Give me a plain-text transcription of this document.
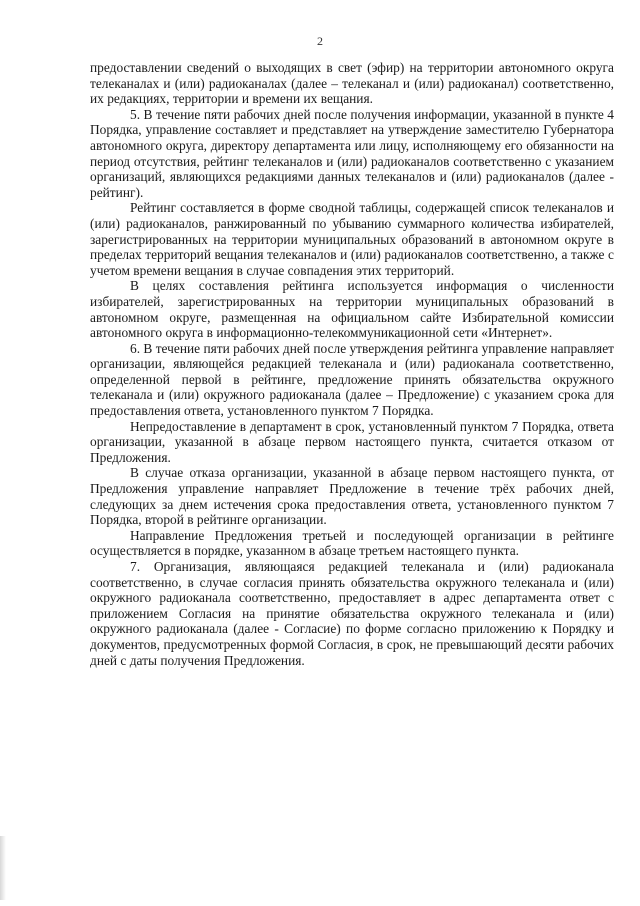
2

предоставлении сведений о выходящих в свет (эфир) на территории автономного округа телеканалах и (или) радиоканалах (далее – телеканал и (или) радиоканал) соответственно, их редакциях, территории и времени их вещания.

5. В течение пяти рабочих дней после получения информации, указанной в пункте 4 Порядка, управление составляет и представляет на утверждение заместителю Губернатора автономного округа, директору департамента или лицу, исполняющему его обязанности на период отсутствия, рейтинг телеканалов и (или) радиоканалов соответственно с указанием организаций, являющихся редакциями данных телеканалов и (или) радиоканалов (далее - рейтинг).

Рейтинг составляется в форме сводной таблицы, содержащей список телеканалов и (или) радиоканалов, ранжированный по убыванию суммарного количества избирателей, зарегистрированных на территории муниципальных образований в автономном округе в пределах территорий вещания телеканалов и (или) радиоканалов соответственно, а также с учетом времени вещания в случае совпадения этих территорий.

В целях составления рейтинга используется информация о численности избирателей, зарегистрированных на территории муниципальных образований в автономном округе, размещенная на официальном сайте Избирательной комиссии автономного округа в информационно-телекоммуникационной сети «Интернет».

6. В течение пяти рабочих дней после утверждения рейтинга управление направляет организации, являющейся редакцией телеканала и (или) радиоканала соответственно, определенной первой в рейтинге, предложение принять обязательства окружного телеканала и (или) окружного радиоканала (далее – Предложение) с указанием срока для предоставления ответа, установленного пунктом 7 Порядка.

Непредоставление в департамент в срок, установленный пунктом 7 Порядка, ответа организации, указанной в абзаце первом настоящего пункта, считается отказом от Предложения.

В случае отказа организации, указанной в абзаце первом настоящего пункта, от Предложения управление направляет Предложение в течение трёх рабочих дней, следующих за днем истечения срока предоставления ответа, установленного пунктом 7 Порядка, второй в рейтинге организации.

Направление Предложения третьей и последующей организации в рейтинге осуществляется в порядке, указанном в абзаце третьем настоящего пункта.

7. Организация, являющаяся редакцией телеканала и (или) радиоканала соответственно, в случае согласия принять обязательства окружного телеканала и (или) окружного радиоканала соответственно, предоставляет в адрес департамента ответ с приложением Согласия на принятие обязательства окружного телеканала и (или) окружного радиоканала (далее - Согласие) по форме согласно приложению к Порядку и документов, предусмотренных формой Согласия, в срок, не превышающий десяти рабочих дней с даты получения Предложения.
